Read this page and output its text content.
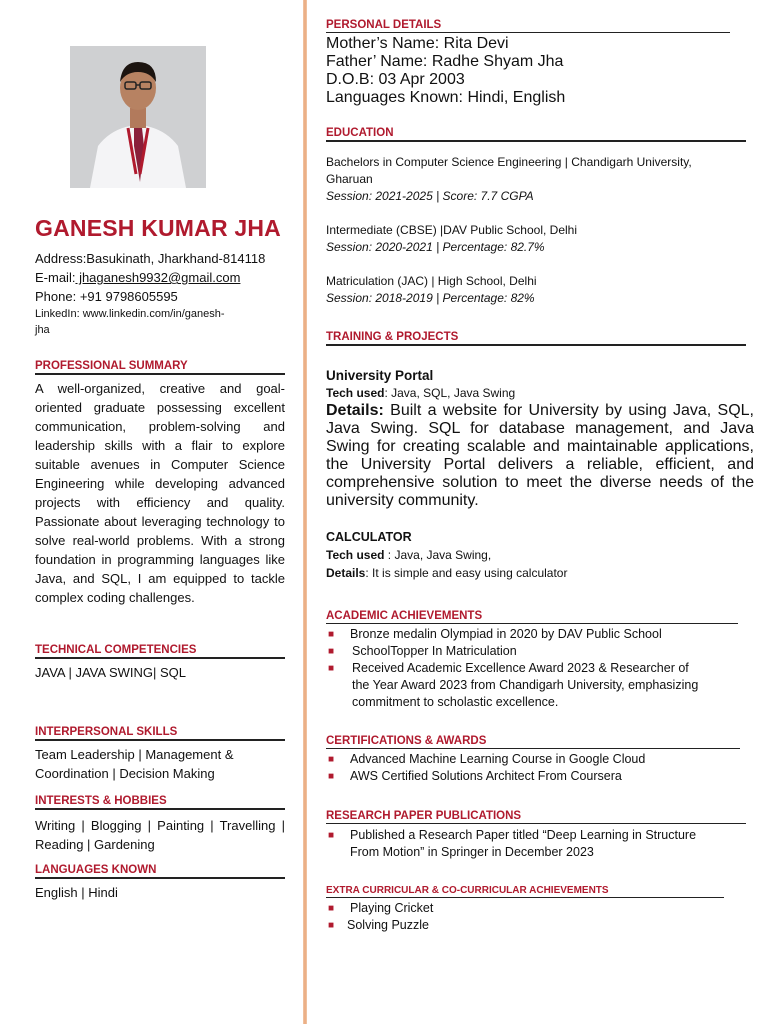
GANESH KUMAR JHA
Address:Basukinath, Jharkhand-814118
E-mail: jhaganesh9932@gmail.com
Phone: +91 9798605595
LinkedIn: www.linkedin.com/in/ganesh-
jha
PROFESSIONAL SUMMARY
A well-organized, creative and goal-oriented graduate possessing excellent communication, problem-solving and leadership skills with a flair to explore suitable avenues in Computer Science Engineering while developing advanced projects with efficiency and quality. Passionate about leveraging technology to solve real-world problems. With a strong foundation in programming languages like Java, and SQL, I am equipped to tackle complex coding challenges.
TECHNICAL COMPETENCIES
JAVA | JAVA SWING| SQL
INTERPERSONAL SKILLS
Team Leadership | Management & Coordination | Decision Making
INTERESTS & HOBBIES
Writing | Blogging | Painting | Travelling | Reading | Gardening
LANGUAGES KNOWN
English | Hindi
PERSONAL DETAILS
Mother’s Name: Rita Devi
Father’ Name: Radhe Shyam Jha
D.O.B: 03 Apr 2003
Languages Known: Hindi, English
EDUCATION
Bachelors in Computer Science Engineering | Chandigarh University, Gharuan
Session: 2021-2025 | Score: 7.7 CGPA
Intermediate (CBSE) |DAV Public School, Delhi
Session: 2020-2021 | Percentage: 82.7%
Matriculation (JAC) | High School, Delhi
Session: 2018-2019 | Percentage: 82%
TRAINING & PROJECTS
University Portal
Tech used: Java, SQL, Java Swing
Details: Built a website for University by using Java, SQL, Java Swing. SQL for database management, and Java Swing for creating scalable and maintainable applications, the University Portal delivers a reliable, efficient, and comprehensive solution to meet the diverse needs of the university community.
CALCULATOR
Tech used : Java, Java Swing,
Details: It is simple and easy using calculator
ACADEMIC ACHIEVEMENTS
■ Bronze medalin Olympiad in 2020 by DAV Public School
■ SchoolTopper In Matriculation
■ Received Academic Excellence Award 2023 & Researcher of the Year Award 2023 from Chandigarh University, emphasizing commitment to scholastic excellence.
CERTIFICATIONS & AWARDS
■ Advanced Machine Learning Course in Google Cloud
■ AWS Certified Solutions Architect From Coursera
RESEARCH PAPER PUBLICATIONS
■ Published a Research Paper titled “Deep Learning in Structure From Motion” in Springer in December 2023
EXTRA CURRICULAR & CO-CURRICULAR ACHIEVEMENTS
■ Playing Cricket
■ Solving Puzzle
